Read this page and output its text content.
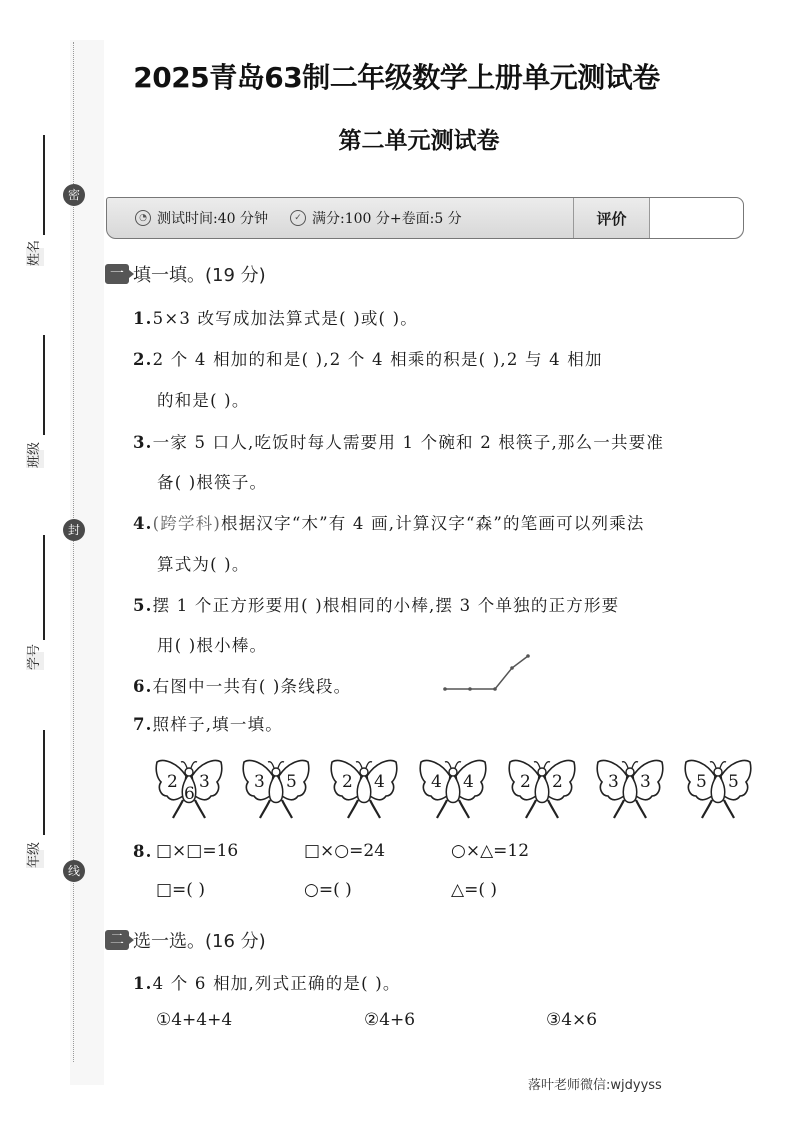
密
封
线
姓名
班级
学号
年级
2025青岛63制二年级数学上册单元测试卷
第二单元测试卷
◔ 测试时间:40 分钟	✓ 满分:100 分+卷面:5 分	评价
一 填一填。(19 分)
1.5×3 改写成加法算式是( )或( )。
2.2 个 4 相加的和是( ),2 个 4 相乘的积是( ),2 与 4 相加
的和是( )。
3.一家 5 口人,吃饭时每人需要用 1 个碗和 2 根筷子,那么一共要准
备( )根筷子。
4.(跨学科)根据汉字“木”有 4 画,计算汉字“森”的笔画可以列乘法
算式为( )。
5.摆 1 个正方形要用( )根相同的小棒,摆 3 个单独的正方形要
用( )根小棒。
6.右图中一共有( )条线段。
7.照样子,填一填。
2 3
6
3 5	2 4	4 4	2 2	3 3	5 5
8. □×□=16	□×○=24	○×△=12
□=( )	○=( )	△=( )
二 选一选。(16 分)
1.4 个 6 相加,列式正确的是( )。
①4+4+4	②4+6	③4×6
落叶老师微信:wjdyyss
